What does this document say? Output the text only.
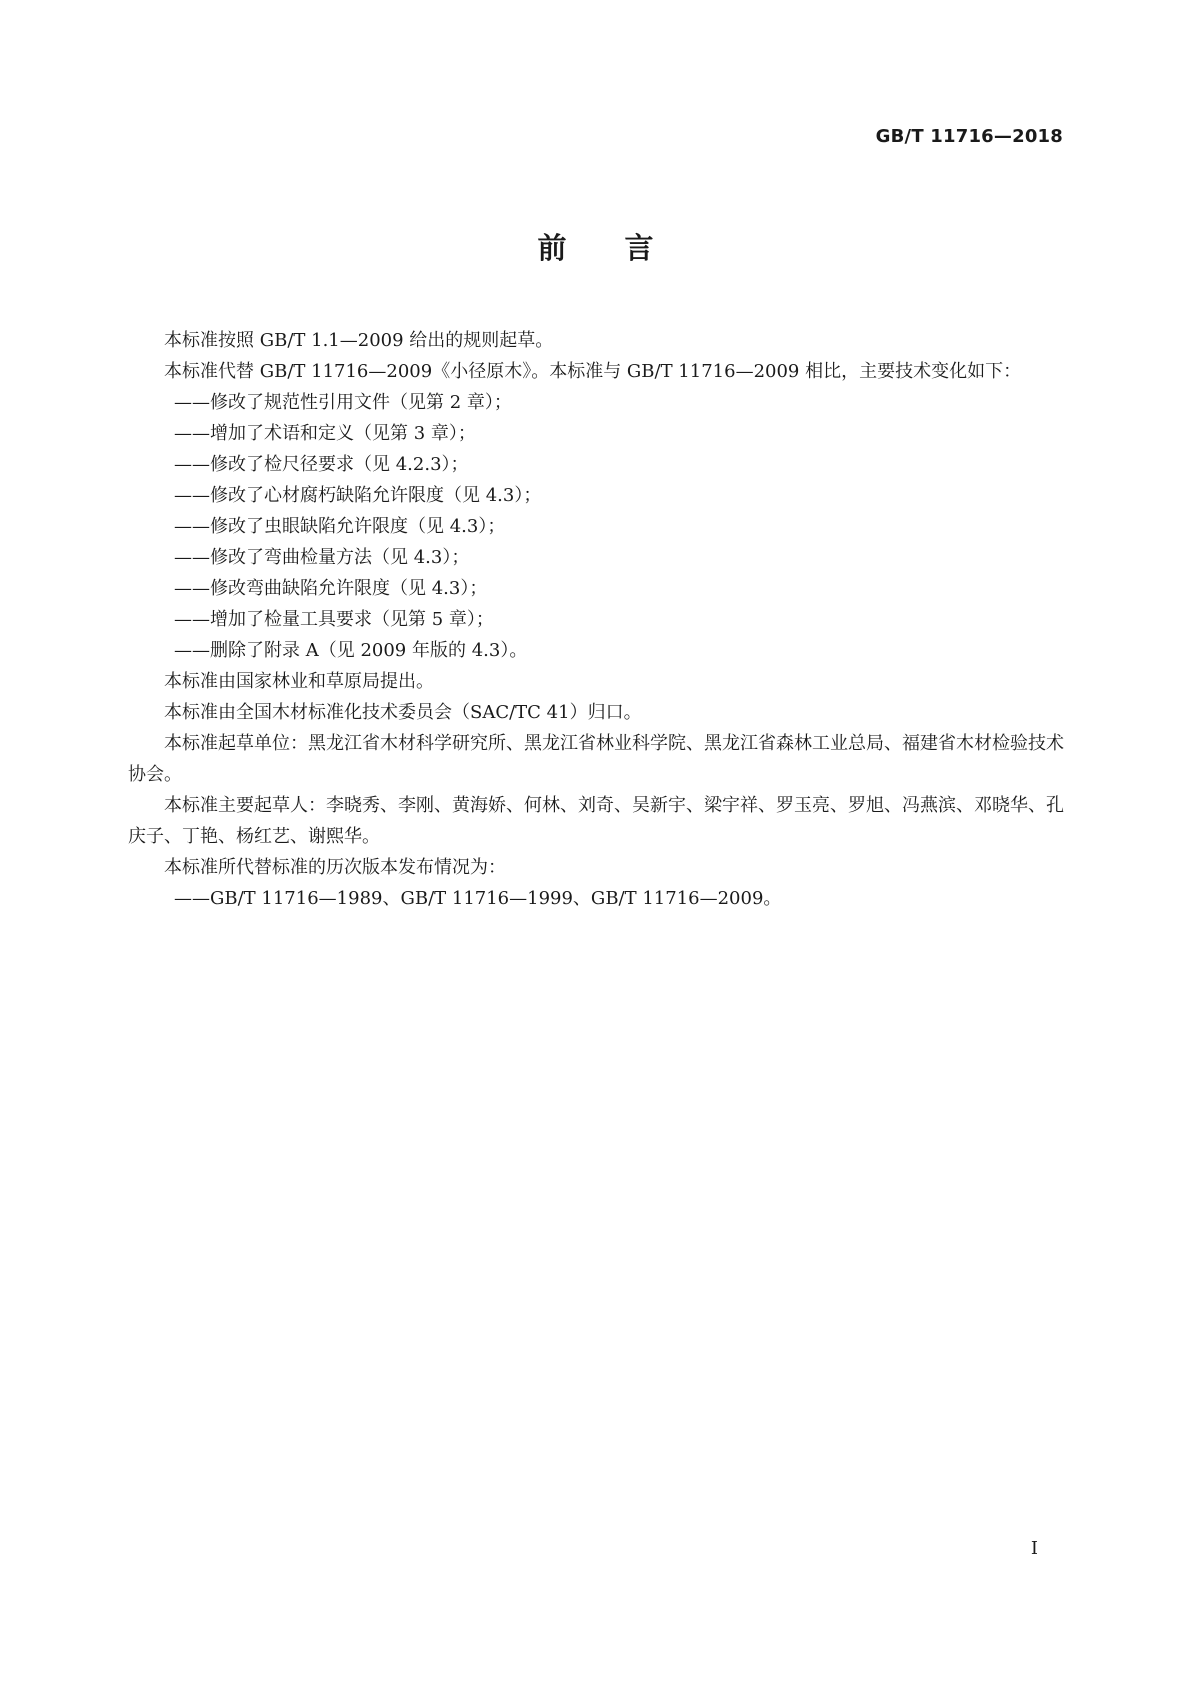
GB/T 11716—2018
前言

本标准按照 GB/T 1.1—2009 给出的规则起草。

本标准代替 GB/T 11716—2009《小径原木》。本标准与 GB/T 11716—2009 相比，主要技术变化如下：

——修改了规范性引用文件（见第 2 章）；

——增加了术语和定义（见第 3 章）；

——修改了检尺径要求（见 4.2.3）；

——修改了心材腐朽缺陷允许限度（见 4.3）；

——修改了虫眼缺陷允许限度（见 4.3）；

——修改了弯曲检量方法（见 4.3）；

——修改弯曲缺陷允许限度（见 4.3）；

——增加了检量工具要求（见第 5 章）；

——删除了附录 A（见 2009 年版的 4.3）。

本标准由国家林业和草原局提出。

本标准由全国木材标准化技术委员会（SAC/TC 41）归口。

本标准起草单位：黑龙江省木材科学研究所、黑龙江省林业科学院、黑龙江省森林工业总局、福建省木材检验技术协会。

本标准主要起草人：李晓秀、李刚、黄海娇、何林、刘奇、吴新宇、梁宇祥、罗玉亮、罗旭、冯燕滨、邓晓华、孔庆子、丁艳、杨红艺、谢熙华。

本标准所代替标准的历次版本发布情况为：

——GB/T 11716—1989、GB/T 11716—1999、GB/T 11716—2009。

I
